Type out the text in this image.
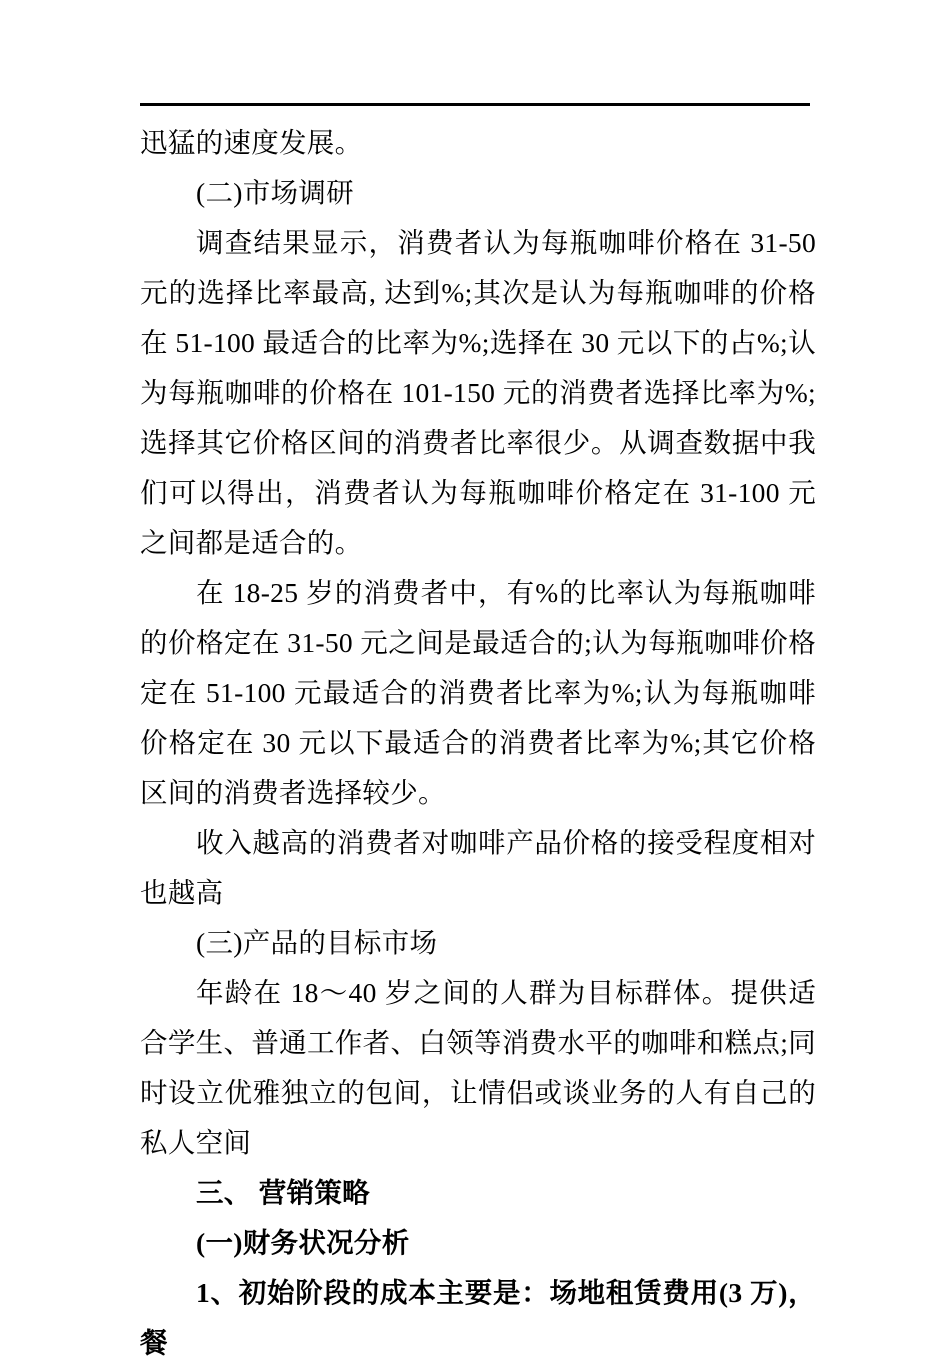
迅猛的速度发展。

(二)市场调研

调查结果显示，消费者认为每瓶咖啡价格在 31-50 元的选择比率最高, 达到%;其次是认为每瓶咖啡的价格在 51-100 最适合的比率为%;选择在 30 元以下的占%;认为每瓶咖啡的价格在 101-150 元的消费者选择比率为%;选择其它价格区间的消费者比率很少。从调查数据中我们可以得出，消费者认为每瓶咖啡价格定在 31-100 元之间都是适合的。

在 18-25 岁的消费者中，有%的比率认为每瓶咖啡的价格定在 31-50 元之间是最适合的;认为每瓶咖啡价格定在 51-100 元最适合的消费者比率为%;认为每瓶咖啡价格定在 30 元以下最适合的消费者比率为%;其它价格区间的消费者选择较少。

收入越高的消费者对咖啡产品价格的接受程度相对也越高

(三)产品的目标市场

年龄在 18～40 岁之间的人群为目标群体。提供适合学生、普通工作者、白领等消费水平的咖啡和糕点;同时设立优雅独立的包间，让情侣或谈业务的人有自己的私人空间

三、 营销策略

(一)财务状况分析

1、初始阶段的成本主要是：场地租赁费用(3 万)，餐
